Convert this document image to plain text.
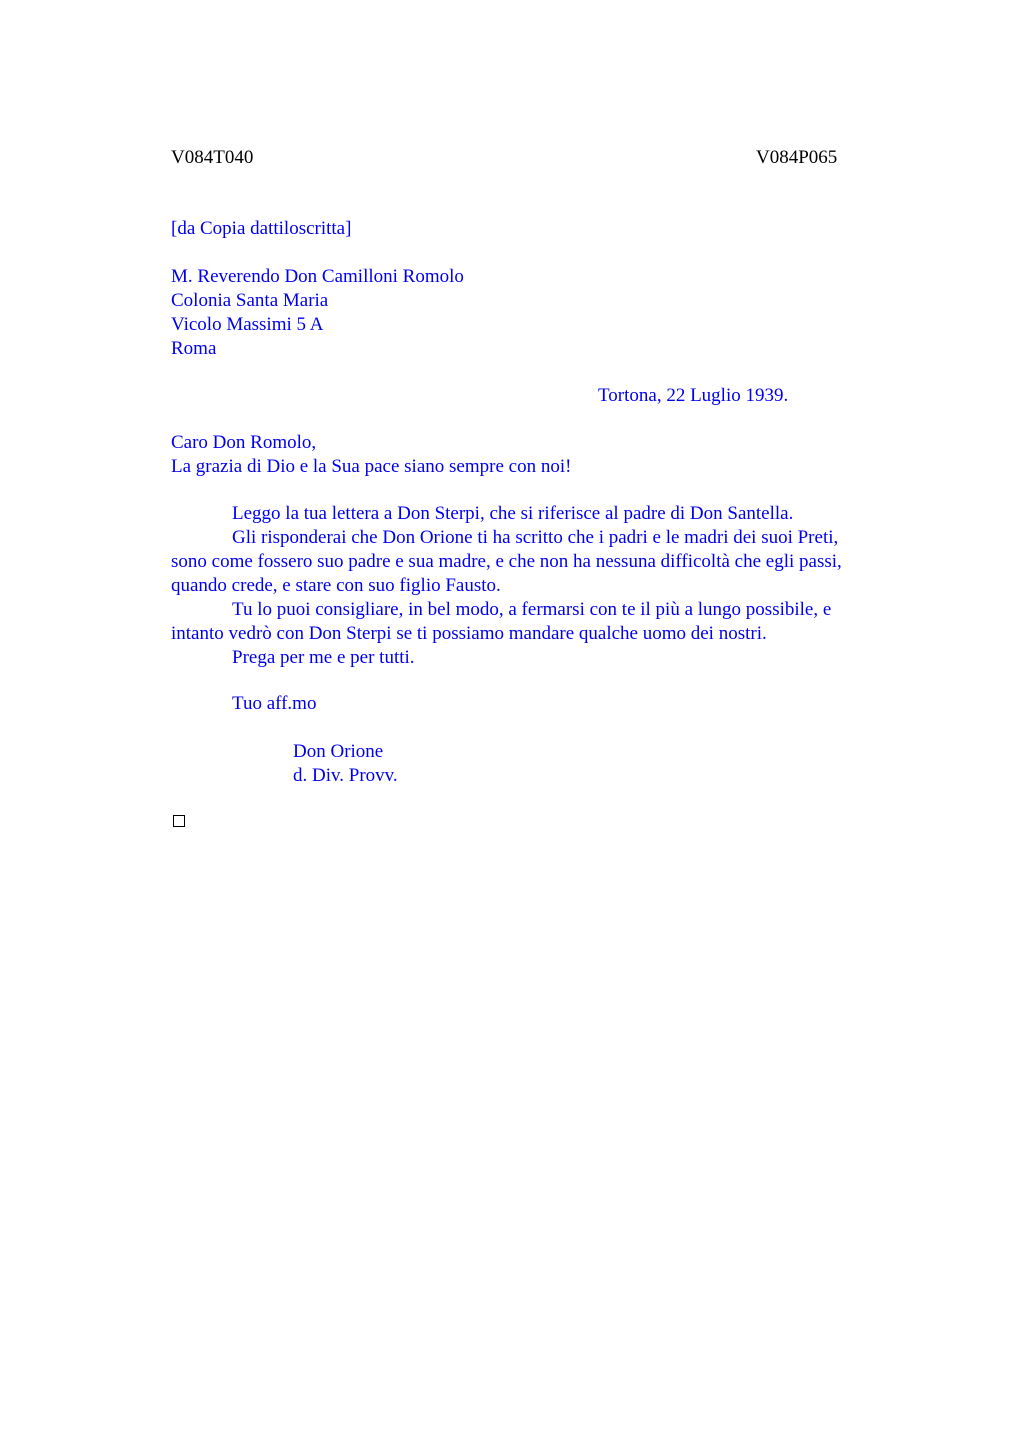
V084T040	V084P065
[da Copia dattiloscritta]
M. Reverendo Don Camilloni Romolo
Colonia Santa Maria
Vicolo Massimi 5 A
Roma
Tortona, 22 Luglio 1939.
Caro Don Romolo,
La grazia di Dio e la Sua pace siano sempre con noi!
Leggo la tua lettera a Don Sterpi, che si riferisce al padre di Don Santella.
Gli risponderai che Don Orione ti ha scritto che i padri e le madri dei suoi Preti,
sono come fossero suo padre e sua madre, e che non ha nessuna difficoltà che egli passi,
quando crede, e stare con suo figlio Fausto.
Tu lo puoi consigliare, in bel modo, a fermarsi con te il più a lungo possibile, e
intanto vedrò con Don Sterpi se ti possiamo mandare qualche uomo dei nostri.
Prega per me e per tutti.
Tuo aff.mo
Don Orione
d. Div. Provv.
